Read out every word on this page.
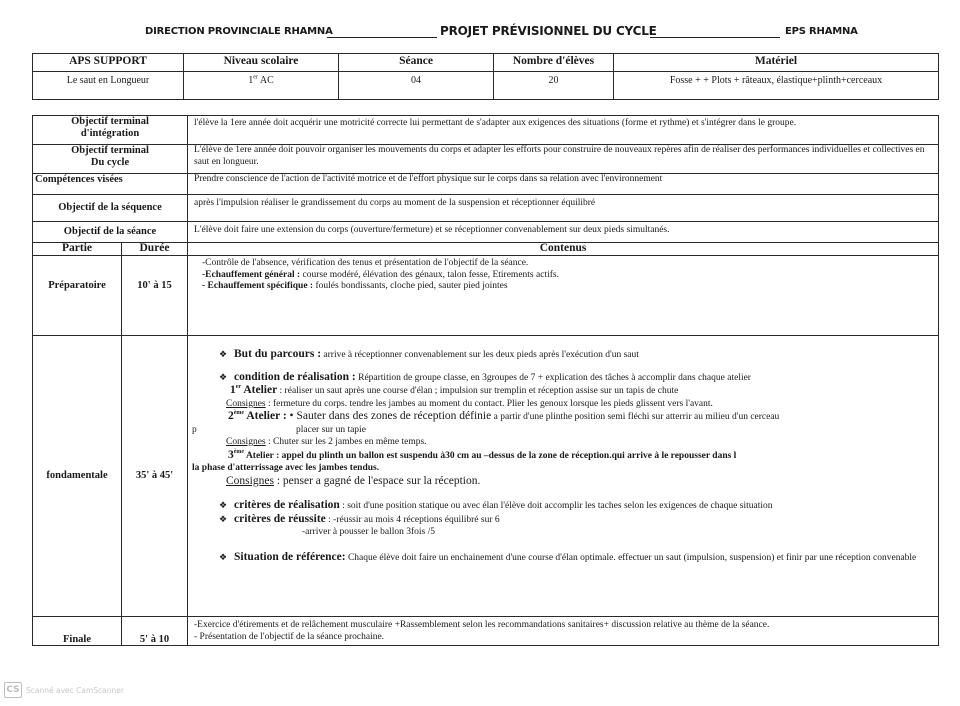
DIRECTION PROVINCIALE RHAMNA	PROJET PRÉVISIONNEL DU CYCLE	EPS RHAMNA
APS SUPPORT	Niveau scolaire	Séance	Nombre d'élèves	Matériel
Le saut en Longueur	1er AC	04	20	Fosse + + Plots + râteaux, élastique+plinth+cerceaux
Objectif terminal
d'intégration		l'élève la 1ere année doit acquérir une motricité correcte lui permettant de s'adapter aux exigences des situations (forme et rythme) et s'intégrer dans le groupe.

Objectif terminal
Du cycle		L'élève de 1ere année doit pouvoir organiser les mouvements du corps et adapter les efforts pour construire de nouveaux repères afin de réaliser des performances individuelles et collectives en saut en longueur.
Compétences visées		Prendre conscience de l'action de l'activité motrice et de l'effort physique sur le corps dans sa relation avec l'environnement
Objectif de la séquence		après l'impulsion réaliser le grandissement du corps au moment de la suspension et réceptionner équilibré
Objectif de la séance		L'élève doit faire une extension du corps (ouverture/fermeture) et se réceptionner convenablement sur deux pieds simultanés.
Partie	Durée	Contenus
Préparatoire	10' à 15	-Contrôle de l'absence, vérification des tenus et présentation de l'objectif de la séance.
-Echauffement général : course modéré, élévation des génaux, talon fesse, Etirements actifs.
- Echauffement spécifique : foulés bondissants, cloche pied, sauter pied jointes

fondamentale	35' à 45'	
❖ But du parcours : arrive à réceptionner convenablement sur les deux pieds après l'exécution d'un saut
❖ condition de réalisation : Répartition de groupe classe, en 3groupes de 7 + explication des tâches à accomplir dans chaque atelier
1er Atelier : réaliser un saut après une course d'élan ; impulsion sur tremplin et réception assise sur un tapis de chute
Consignes : fermeture du corps. tendre les jambes au moment du contact. Plier les genoux lorsque les pieds glissent vers l'avant.
2ème Atelier : • Sauter dans des zones de réception définie a partir d'une plinthe position semi fléchi sur atterrir au milieu d'un cerceau
p	placer sur un tapie
Consignes : Chuter sur les 2 jambes en même temps.
3ème Atelier : appel du plinth un ballon est suspendu à30 cm au –dessus de la zone de réception.qui arrive à le repousser dans l
la phase d'atterrissage avec les jambes tendus.
Consignes : penser a gagné de l'espace sur la réception.
❖ critères de réalisation : soit d'une position statique ou avec élan l'élève doit accomplir les taches selon les exigences de chaque situation
❖ critères de réussite : -réussir au mois 4 réceptions équilibré sur 6
-arriver à pousser le ballon 3fois /5
❖ Situation de référence: Chaque élève doit faire un enchainement d'une course d'élan optimale. effectuer un saut (impulsion, suspension) et finir par une réception convenable

Finale	5' à 10	-Exercice d'étirements et de relâchement musculaire +Rassemblement selon les recommandations sanitaires+ discussion relative au thème de la séance.
- Présentation de l'objectif de la séance prochaine.
CS Scanné avec CamScanner
